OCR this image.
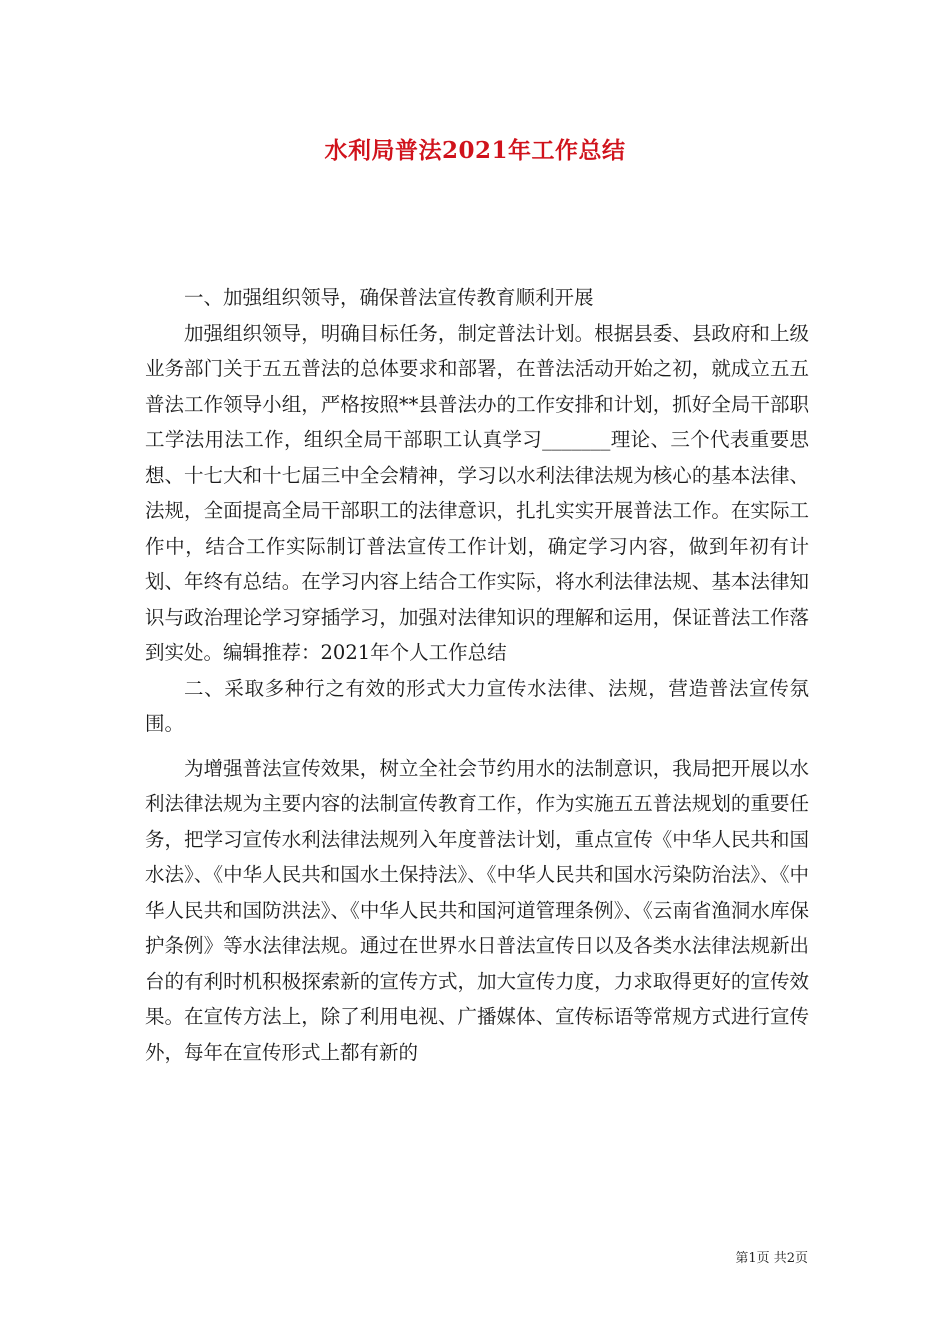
水利局普法2021年工作总结

一、加强组织领导，确保普法宣传教育顺利开展

加强组织领导，明确目标任务，制定普法计划。根据县委、县政府和上级业务部门关于五五普法的总体要求和部署，在普法活动开始之初，就成立五五普法工作领导小组，严格按照**县普法办的工作安排和计划，抓好全局干部职工学法用法工作，组织全局干部职工认真学习_______理论、三个代表重要思想、十七大和十七届三中全会精神，学习以水利法律法规为核心的基本法律、法规，全面提高全局干部职工的法律意识，扎扎实实开展普法工作。在实际工作中，结合工作实际制订普法宣传工作计划，确定学习内容，做到年初有计划、年终有总结。在学习内容上结合工作实际，将水利法律法规、基本法律知识与政治理论学习穿插学习，加强对法律知识的理解和运用，保证普法工作落到实处。编辑推荐：2021年个人工作总结

二、采取多种行之有效的形式大力宣传水法律、法规，营造普法宣传氛围。

为增强普法宣传效果，树立全社会节约用水的法制意识，我局把开展以水利法律法规为主要内容的法制宣传教育工作，作为实施五五普法规划的重要任务，把学习宣传水利法律法规列入年度普法计划，重点宣传《中华人民共和国水法》、《中华人民共和国水土保持法》、《中华人民共和国水污染防治法》、《中华人民共和国防洪法》、《中华人民共和国河道管理条例》、《云南省渔洞水库保护条例》等水法律法规。通过在世界水日普法宣传日以及各类水法律法规新出台的有利时机积极探索新的宣传方式，加大宣传力度，力求取得更好的宣传效果。在宣传方法上，除了利用电视、广播媒体、宣传标语等常规方式进行宣传外，每年在宣传形式上都有新的

第1页 共2页
